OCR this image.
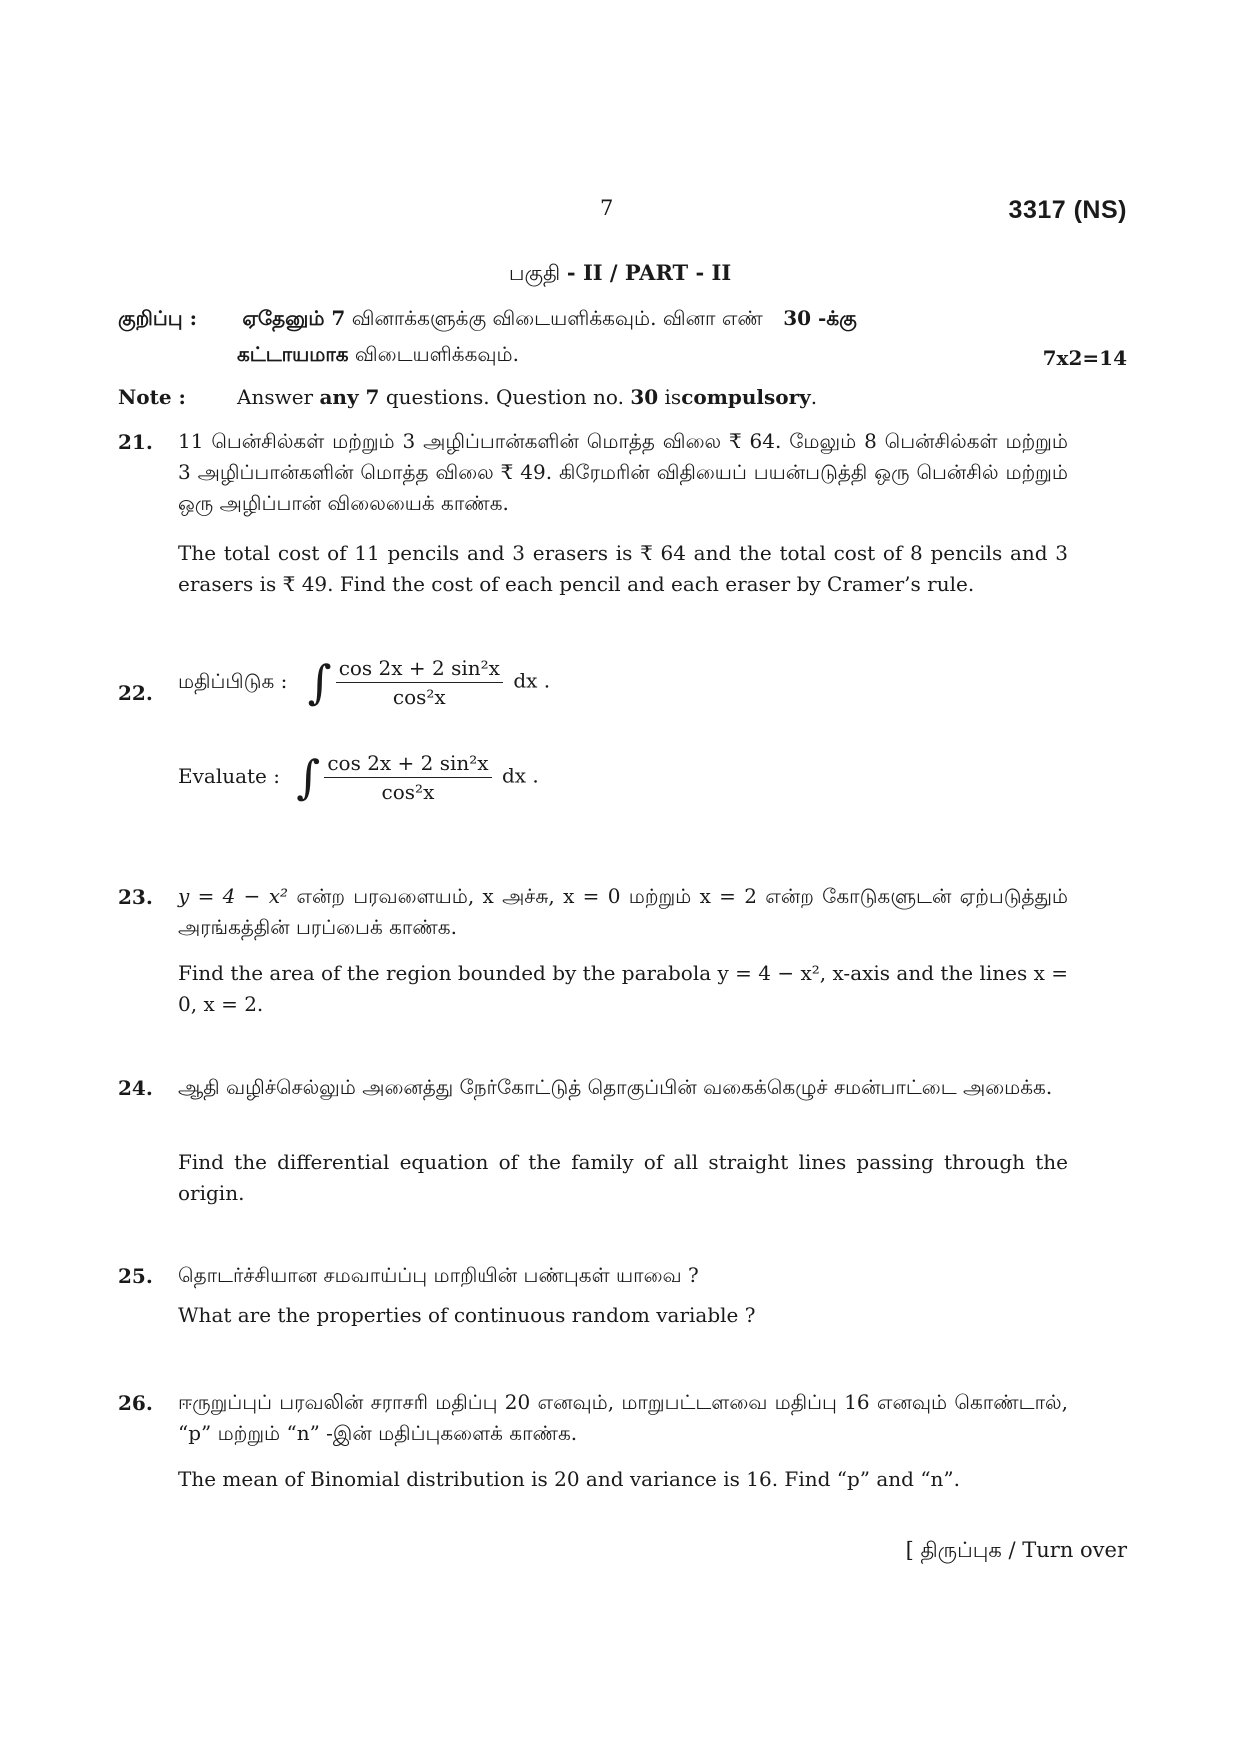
7	3317 (NS)
பகுதி - II / PART - II
குறிப்பு : ஏதேனும் 7 வினாக்களுக்கு விடையளிக்கவும். வினா எண் 30 -க்கு
கட்டாயமாக விடையளிக்கவும்.	7x2=14
Note :	Answer any 7 questions. Question no. 30 iscompulsory.
21. 11 பென்சில்கள் மற்றும் 3 அழிப்பான்களின் மொத்த விலை ₹ 64. மேலும் 8 பென்சில்கள் மற்றும் 3 அழிப்பான்களின் மொத்த விலை ₹ 49. கிரேமரின் விதியைப் பயன்படுத்தி ஒரு பென்சில் மற்றும் ஒரு அழிப்பான் விலையைக் காண்க.
The total cost of 11 pencils and 3 erasers is ₹ 64 and the total cost of 8 pencils and 3 erasers is ₹ 49. Find the cost of each pencil and each eraser by Cramer’s rule.
22.
மதிப்பிடுக : ∫ $\frac{\text{cos 2x + 2 sin²x}}{\text{cos²x}}$ dx .
Evaluate : ∫ $\frac{\text{cos 2x + 2 sin²x}}{\text{cos²x}}$ dx .
23. y = 4 − x² என்ற பரவளையம், x அச்சு, x = 0 மற்றும் x = 2 என்ற கோடுகளுடன் ஏற்படுத்தும் அரங்கத்தின் பரப்பைக் காண்க.
Find the area of the region bounded by the parabola y = 4 − x², x-axis and the lines x = 0, x = 2.
24. ஆதி வழிச்செல்லும் அனைத்து நேர்கோட்டுத் தொகுப்பின் வகைக்கெழுச் சமன்பாட்டை அமைக்க.
Find the differential equation of the family of all straight lines passing through the origin.
25. தொடர்ச்சியான சமவாய்ப்பு மாறியின் பண்புகள் யாவை ?
What are the properties of continuous random variable ?
26. ஈருறுப்புப் பரவலின் சராசரி மதிப்பு 20 எனவும், மாறுபட்டளவை மதிப்பு 16 எனவும் கொண்டால், “p” மற்றும் “n” -இன் மதிப்புகளைக் காண்க.
The mean of Binomial distribution is 20 and variance is 16. Find “p” and “n”.
[ திருப்புக / Turn over
